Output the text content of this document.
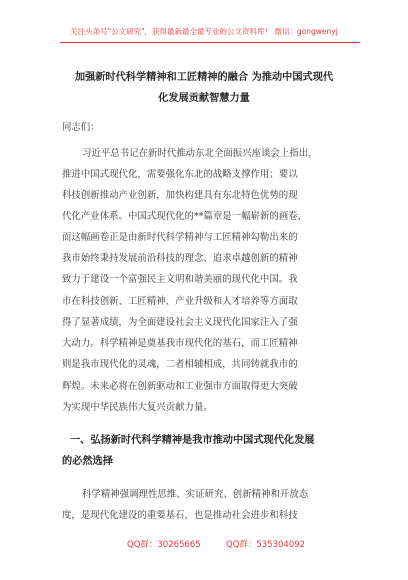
关注头条号"公文研究"，获得最新最全最专业的公文资料库！ 微信：gongwenyj
加强新时代科学精神和工匠精神的融合 为推动中国式现代
化发展贡献智慧力量
同志们：
习近平总书记在新时代推动东北全面振兴座谈会上指出，
推进中国式现代化，需要强化东北的战略支撑作用；要以
科技创新推动产业创新，加快构建具有东北特色优势的现
代化产业体系。中国式现代化的**篇章是一幅崭新的画卷，
而这幅画卷正是由新时代科学精神与工匠精神勾勒出来的
我市始终秉持发展前沿科技的理念、追求卓越创新的精神
致力于建设一个富强民主文明和谐美丽的现代化中国。我
市在科技创新、工匠精神、产业升级和人才培养等方面取
得了显著成绩，为全面建设社会主义现代化国家注入了强
大动力。科学精神是奠基我市现代化的基石，而工匠精神
则是我市现代化的灵魂，二者相辅相成，共同铸就我市的
辉煌。未来必将在创新驱动和工业强市方面取得更大突破
为实现中华民族伟大复兴贡献力量。
一、弘扬新时代科学精神是我市推动中国式现代化发展
的必然选择
科学精神强调理性思维、实证研究、创新精神和开放态
度，是现代化建设的重要基石，也是推动社会进步和科技
QQ群：30265665	QQ群：535304092
